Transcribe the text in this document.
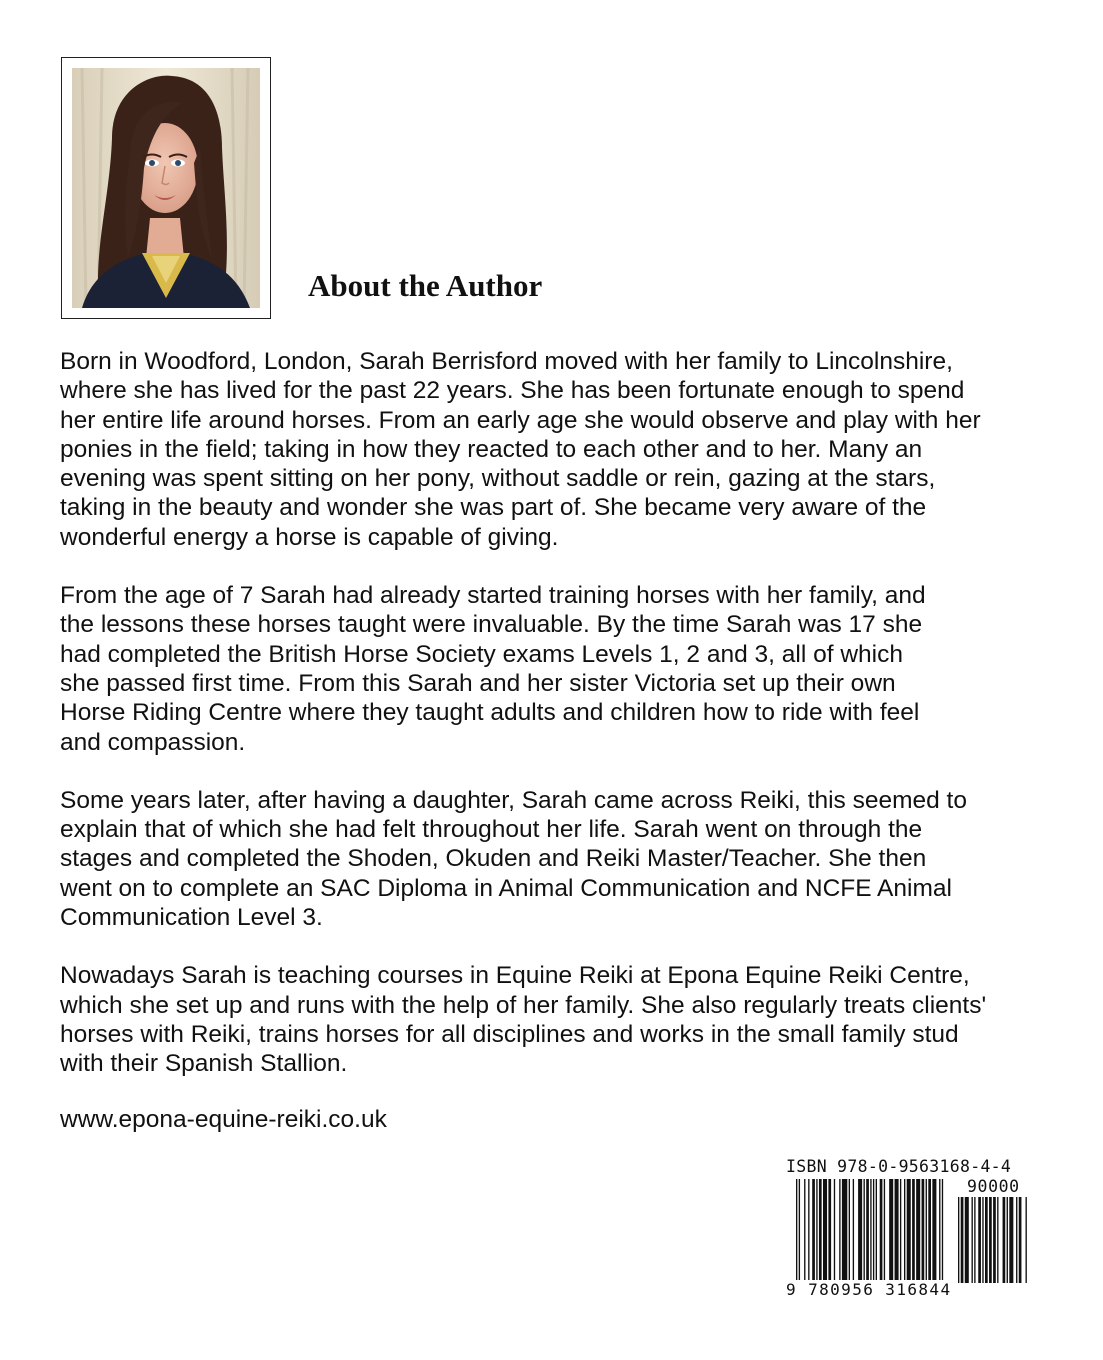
About the Author

Born in Woodford, London, Sarah Berrisford moved with her family to Lincolnshire,
where she has lived for the past 22 years. She has been fortunate enough to spend
her entire life around horses. From an early age she would observe and play with her
ponies in the field; taking in how they reacted to each other and to her. Many an
evening was spent sitting on her pony, without saddle or rein, gazing at the stars,
taking in the beauty and wonder she was part of. She became very aware of the
wonderful energy a horse is capable of giving.

From the age of 7 Sarah had already started training horses with her family, and
the lessons these horses taught were invaluable. By the time Sarah was 17 she
had completed the British Horse Society exams Levels 1, 2 and 3, all of which
she passed first time. From this Sarah and her sister Victoria set up their own
Horse Riding Centre where they taught adults and children how to ride with feel
and compassion.

Some years later, after having a daughter, Sarah came across Reiki, this seemed to
explain that of which she had felt throughout her life. Sarah went on through the
stages and completed the Shoden, Okuden and Reiki Master/Teacher. She then
went on to complete an SAC Diploma in Animal Communication and NCFE Animal
Communication Level 3.

Nowadays Sarah is teaching courses in Equine Reiki at Epona Equine Reiki Centre,
which she set up and runs with the help of her family. She also regularly treats clients'
horses with Reiki, trains horses for all disciplines and works in the small family stud
with their Spanish Stallion.

www.epona-equine-reiki.co.uk
ISBN 978-0-9563168-4-4
90000
9 780956 316844
